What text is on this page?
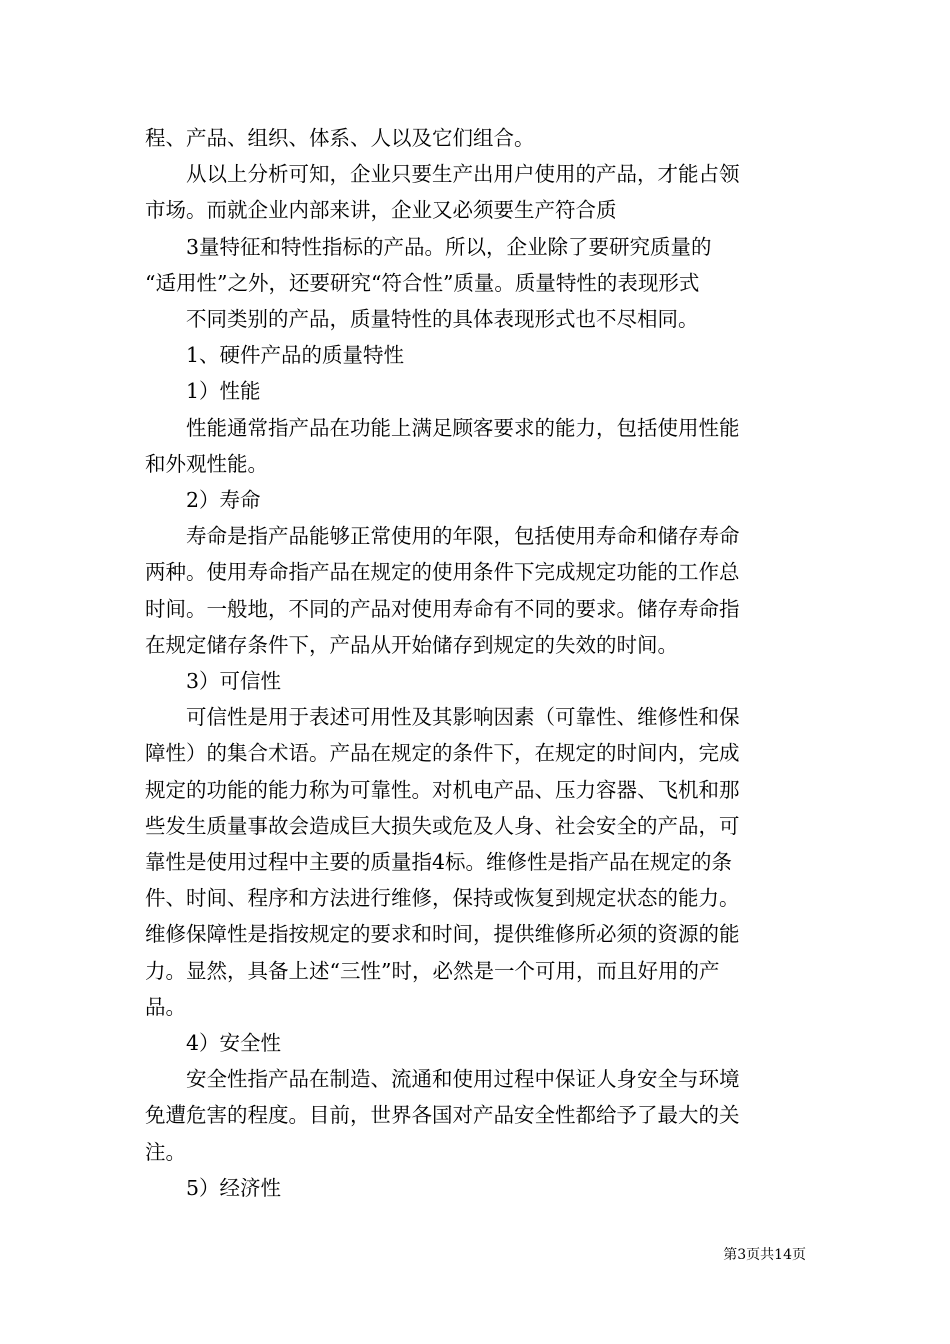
程、产品、组织、体系、人以及它们组合。

从以上分析可知，企业只要生产出用户使用的产品，才能占领
市场。而就企业内部来讲，企业又必须要生产符合质

3量特征和特性指标的产品。所以，企业除了要研究质量的
“适用性”之外，还要研究“符合性”质量。质量特性的表现形式

不同类别的产品，质量特性的具体表现形式也不尽相同。

1、硬件产品的质量特性

1）性能

性能通常指产品在功能上满足顾客要求的能力，包括使用性能
和外观性能。

2）寿命

寿命是指产品能够正常使用的年限，包括使用寿命和储存寿命
两种。使用寿命指产品在规定的使用条件下完成规定功能的工作总
时间。一般地，不同的产品对使用寿命有不同的要求。储存寿命指
在规定储存条件下，产品从开始储存到规定的失效的时间。

3）可信性

可信性是用于表述可用性及其影响因素（可靠性、维修性和保
障性）的集合术语。产品在规定的条件下，在规定的时间内，完成
规定的功能的能力称为可靠性。对机电产品、压力容器、飞机和那
些发生质量事故会造成巨大损失或危及人身、社会安全的产品，可
靠性是使用过程中主要的质量指4标。维修性是指产品在规定的条
件、时间、程序和方法进行维修，保持或恢复到规定状态的能力。
维修保障性是指按规定的要求和时间，提供维修所必须的资源的能
力。显然，具备上述“三性”时，必然是一个可用，而且好用的产
品。

4）安全性

安全性指产品在制造、流通和使用过程中保证人身安全与环境
免遭危害的程度。目前，世界各国对产品安全性都给予了最大的关
注。

5）经济性

第3页共14页
